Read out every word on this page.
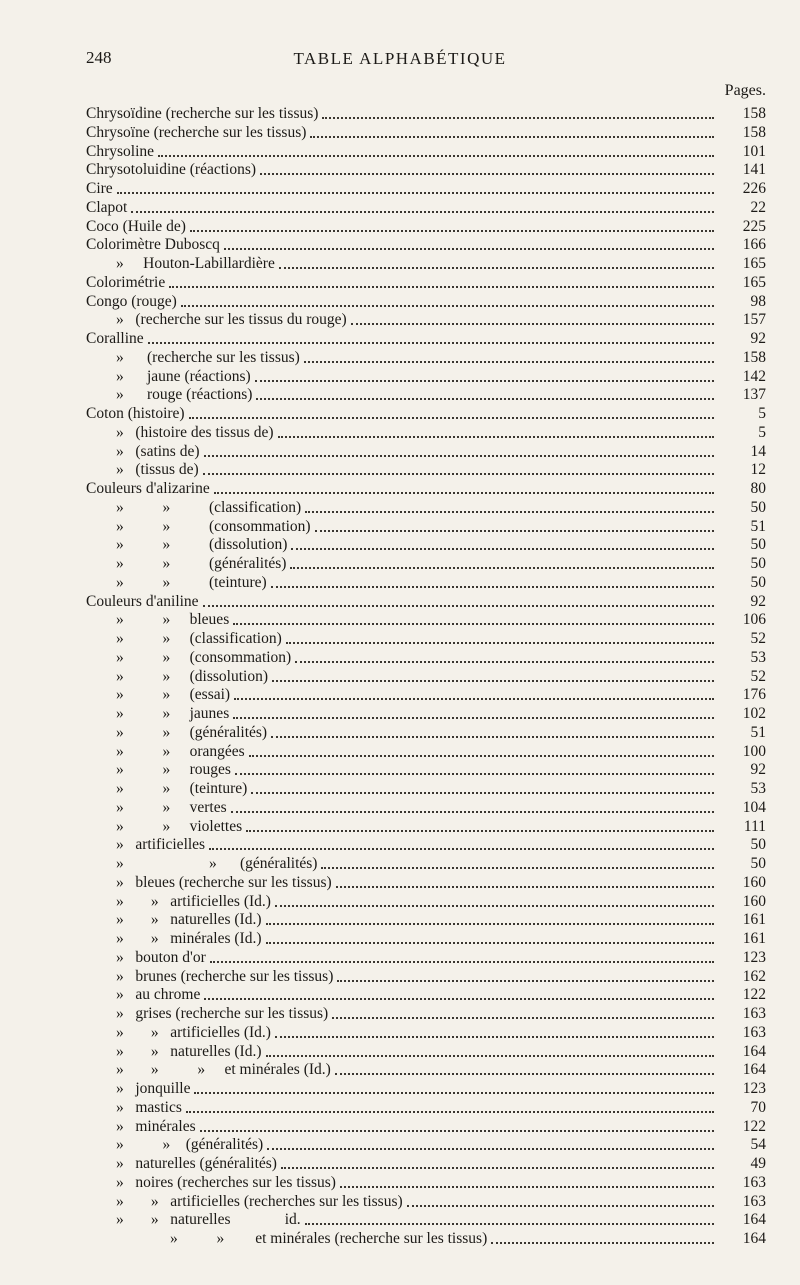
248	TABLE ALPHABÉTIQUE
Pages.
Chrysoïdine (recherche sur les tissus)	158
Chrysoïne (recherche sur les tissus)	158
Chrysoline	101
Chrysotoluidine (réactions)	141
Cire	226
Clapot	22
Coco (Huile de)	225
Colorimètre Duboscq	166
»     Houton-Labillardière	165
Colorimétrie	165
Congo (rouge)	98
»   (recherche sur les tissus du rouge)	157
Coralline	92
»      (recherche sur les tissus)	158
»      jaune (réactions)	142
»      rouge (réactions)	137
Coton (histoire)	5
»   (histoire des tissus de)	5
»   (satins de)	14
»   (tissus de)	12
Couleurs d'alizarine	80
»          »          (classification)	50
»          »          (consommation)	51
»          »          (dissolution)	50
»          »          (généralités)	50
»          »          (teinture)	50
Couleurs d'aniline	92
»          »     bleues	106
»          »     (classification)	52
»          »     (consommation)	53
»          »     (dissolution)	52
»          »     (essai)	176
»          »     jaunes	102
»          »     (généralités)	51
»          »     orangées	100
»          »     rouges	92
»          »     (teinture)	53
»          »     vertes	104
»          »     violettes	111
»   artificielles	50
»                      »      (généralités)	50
»   bleues (recherche sur les tissus)	160
»       »   artificielles (Id.)	160
»       »   naturelles (Id.)	161
»       »   minérales (Id.)	161
»   bouton d'or	123
»   brunes (recherche sur les tissus)	162
»   au chrome	122
»   grises (recherche sur les tissus)	163
»       »   artificielles (Id.)	163
»       »   naturelles (Id.)	164
»       »          »     et minérales (Id.)	164
»   jonquille	123
»   mastics	70
»   minérales	122
»          »    (généralités)	54
»   naturelles (généralités)	49
»   noires (recherches sur les tissus)	163
»       »   artificielles (recherches sur les tissus)	163
»       »   naturelles              id.	164
»          »        et minérales (recherche sur les tissus)	164
